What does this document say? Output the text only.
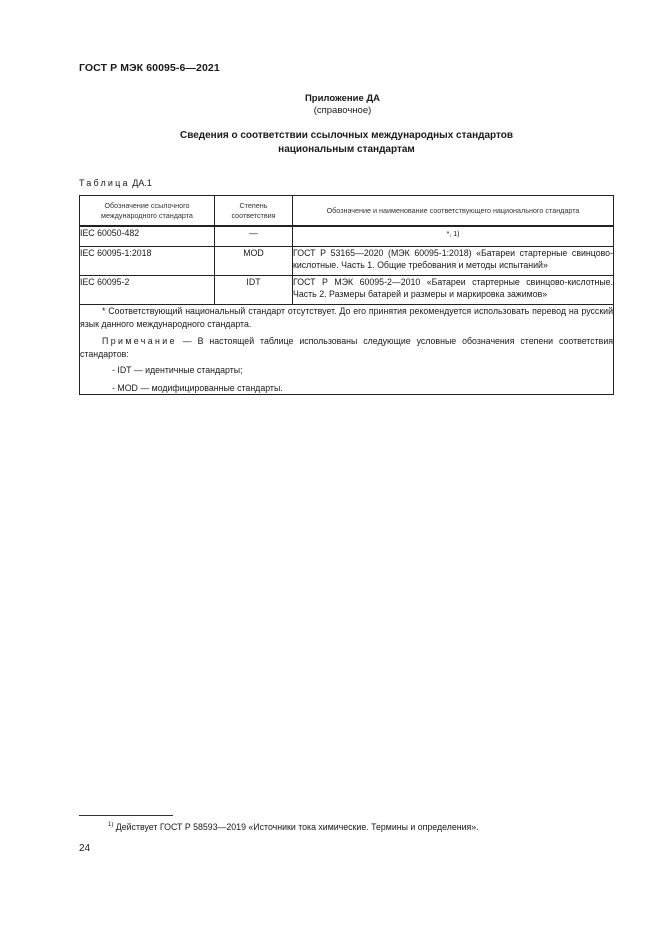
ГОСТ Р МЭК 60095-6—2021
Приложение ДА
(справочное)
Сведения о соответствии ссылочных международных стандартов
национальным стандартам
Таблица ДА.1
Обозначение ссылочного международного стандарта	Степень соответствия	Обозначение и наименование соответствующего национального стандарта
IEC 60050-482	—	*, 1)
IEC 60095-1:2018	MOD	ГОСТ Р 53165—2020 (МЭК 60095-1:2018) «Батареи стартерные свинцово-кислотные. Часть 1. Общие требования и методы испытаний»
IEC 60095-2	IDT	ГОСТ Р МЭК 60095-2—2010 «Батареи стартерные свинцово-кислотные. Часть 2. Размеры батарей и размеры и маркировка зажимов»

* Соответствующий национальный стандарт отсутствует. До его принятия рекомендуется использовать перевод на русский язык данного международного стандарта.

Примечание — В настоящей таблице использованы следующие условные обозначения степени соответствия стандартов:

- IDT — идентичные стандарты;
- MOD — модифицированные стандарты.		
$^{1)}$ Действует ГОСТ Р 58593—2019 «Источники тока химические. Термины и определения».
24
